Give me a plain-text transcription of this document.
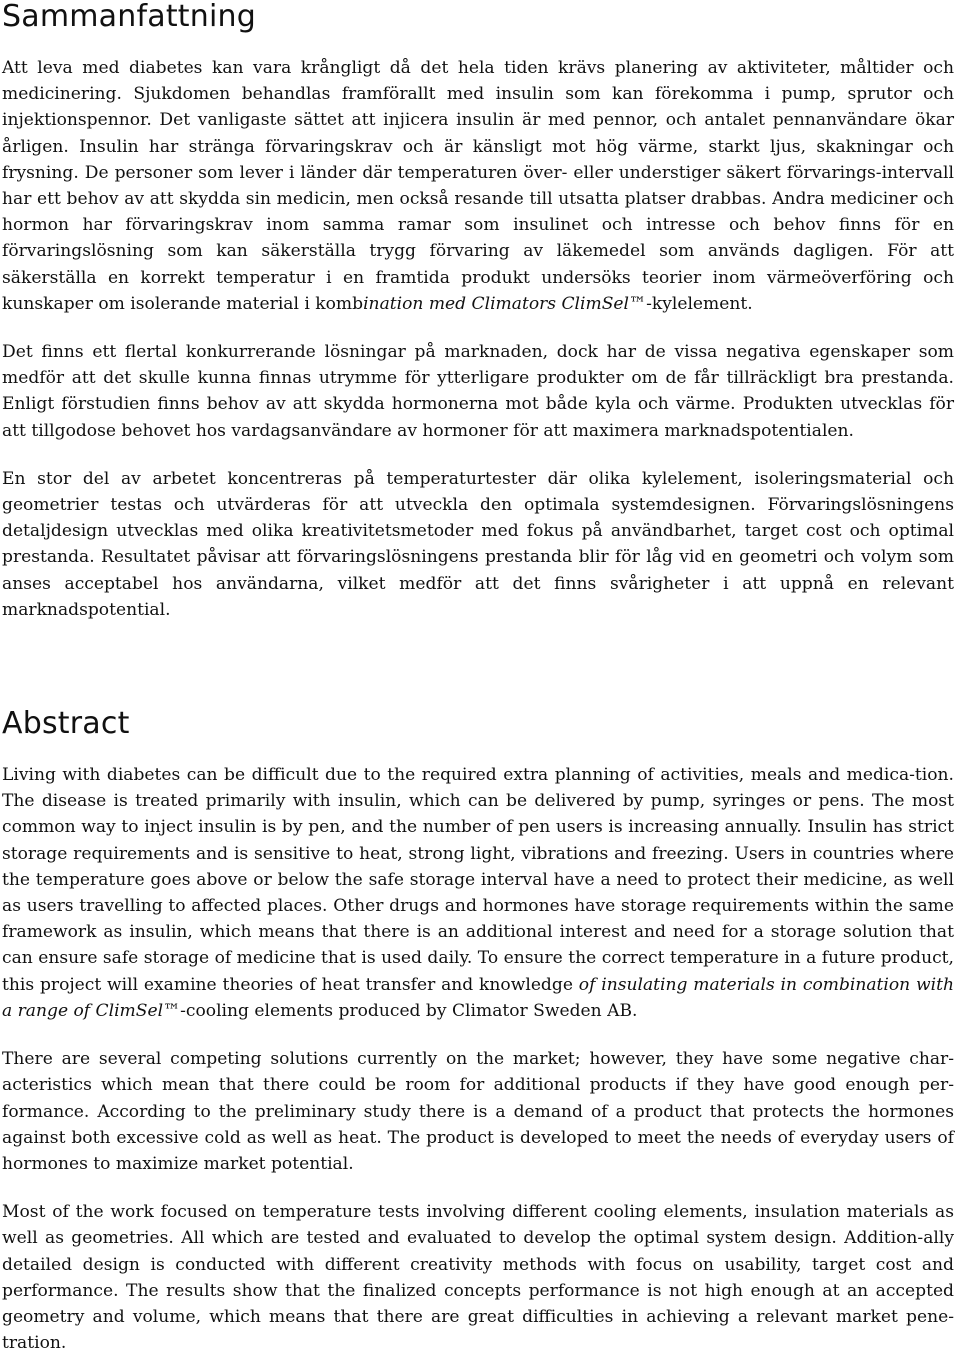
Sammanfattning

Att leva med diabetes kan vara krångligt då det hela tiden krävs planering av aktiviteter, måltider och medicinering. Sjukdomen behandlas framförallt med insulin som kan förekomma i pump, sprutor och injektionspennor. Det vanligaste sättet att injicera insulin är med pennor, och antalet pennanvändare ökar årligen. Insulin har stränga förvaringskrav och är känsligt mot hög värme, starkt ljus, skakningar och frysning. De personer som lever i länder där temperaturen över- eller understiger säkert förvarings-intervall har ett behov av att skydda sin medicin, men också resande till utsatta platser drabbas. Andra mediciner och hormon har förvaringskrav inom samma ramar som insulinet och intresse och behov finns för en förvaringslösning som kan säkerställa trygg förvaring av läkemedel som används dagligen. För att säkerställa en korrekt temperatur i en framtida produkt undersöks teorier inom värmeöverföring och kunskaper om isolerande material i kombination med Climators ClimSel™-kylelement.

Det finns ett flertal konkurrerande lösningar på marknaden, dock har de vissa negativa egenskaper som medför att det skulle kunna finnas utrymme för ytterligare produkter om de får tillräckligt bra prestanda. Enligt förstudien finns behov av att skydda hormonerna mot både kyla och värme. Produkten utvecklas för att tillgodose behovet hos vardagsanvändare av hormoner för att maximera marknadspotentialen.

En stor del av arbetet koncentreras på temperaturtester där olika kylelement, isoleringsmaterial och geometrier testas och utvärderas för att utveckla den optimala systemdesignen. Förvaringslösningens detaljdesign utvecklas med olika kreativitetsmetoder med fokus på användbarhet, target cost och optimal prestanda. Resultatet påvisar att förvaringslösningens prestanda blir för låg vid en geometri och volym som anses acceptabel hos användarna, vilket medför att det finns svårigheter i att uppnå en relevant marknadspotential.

Abstract

Living with diabetes can be difficult due to the required extra planning of activities, meals and medica-tion. The disease is treated primarily with insulin, which can be delivered by pump, syringes or pens. The most common way to inject insulin is by pen, and the number of pen users is increasing annually. Insulin has strict storage requirements and is sensitive to heat, strong light, vibrations and freezing. Users in countries where the temperature goes above or below the safe storage interval have a need to protect their medicine, as well as users travelling to affected places. Other drugs and hormones have storage requirements within the same framework as insulin, which means that there is an additional interest and need for a storage solution that can ensure safe storage of medicine that is used daily. To ensure the correct temperature in a future product, this project will examine theories of heat transfer and knowledge of insulating materials in combination with a range of ClimSel™-cooling elements produced by Climator Sweden AB.

There are several competing solutions currently on the market; however, they have some negative char-acteristics which mean that there could be room for additional products if they have good enough per-formance. According to the preliminary study there is a demand of a product that protects the hormones against both excessive cold as well as heat. The product is developed to meet the needs of everyday users of hormones to maximize market potential.

Most of the work focused on temperature tests involving different cooling elements, insulation materials as well as geometries. All which are tested and evaluated to develop the optimal system design. Addition-ally detailed design is conducted with different creativity methods with focus on usability, target cost and performance. The results show that the finalized concepts performance is not high enough at an accepted geometry and volume, which means that there are great difficulties in achieving a relevant market pene-tration.
